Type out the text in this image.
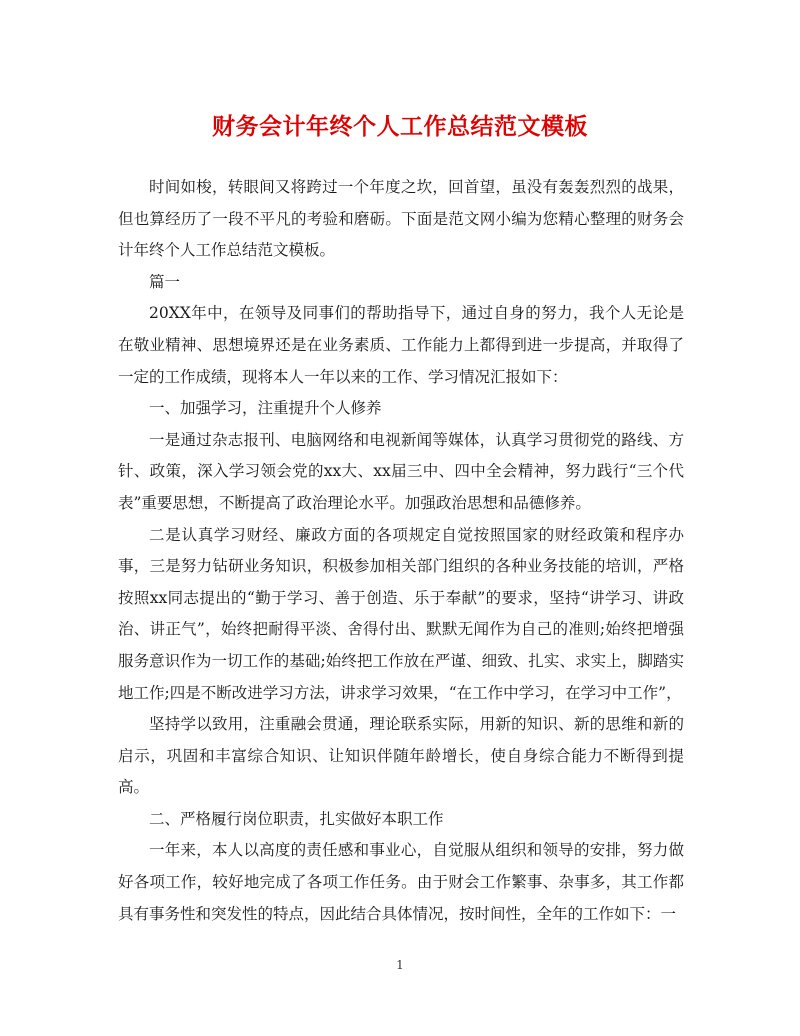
财务会计年终个人工作总结范文模板

时间如梭，转眼间又将跨过一个年度之坎，回首望，虽没有轰轰烈烈的战果，但也算经历了一段不平凡的考验和磨砺。下面是范文网小编为您精心整理的财务会计年终个人工作总结范文模板。

篇一

20XX年中，在领导及同事们的帮助指导下，通过自身的努力，我个人无论是在敬业精神、思想境界还是在业务素质、工作能力上都得到进一步提高，并取得了一定的工作成绩，现将本人一年以来的工作、学习情况汇报如下：

一、加强学习，注重提升个人修养

一是通过杂志报刊、电脑网络和电视新闻等媒体，认真学习贯彻党的路线、方针、政策，深入学习领会党的xx大、xx届三中、四中全会精神，努力践行“三个代表”重要思想，不断提高了政治理论水平。加强政治思想和品德修养。

二是认真学习财经、廉政方面的各项规定自觉按照国家的财经政策和程序办事，三是努力钻研业务知识，积极参加相关部门组织的各种业务技能的培训，严格按照xx同志提出的“勤于学习、善于创造、乐于奉献”的要求，坚持“讲学习、讲政治、讲正气”，始终把耐得平淡、舍得付出、默默无闻作为自己的准则;始终把增强服务意识作为一切工作的基础;始终把工作放在严谨、细致、扎实、求实上，脚踏实地工作;四是不断改进学习方法，讲求学习效果，“在工作中学习，在学习中工作”，

坚持学以致用，注重融会贯通，理论联系实际，用新的知识、新的思维和新的启示，巩固和丰富综合知识、让知识伴随年龄增长，使自身综合能力不断得到提高。

二、严格履行岗位职责，扎实做好本职工作

一年来，本人以高度的责任感和事业心，自觉服从组织和领导的安排，努力做好各项工作，较好地完成了各项工作任务。由于财会工作繁事、杂事多，其工作都具有事务性和突发性的特点，因此结合具体情况，按时间性，全年的工作如下：一

1
